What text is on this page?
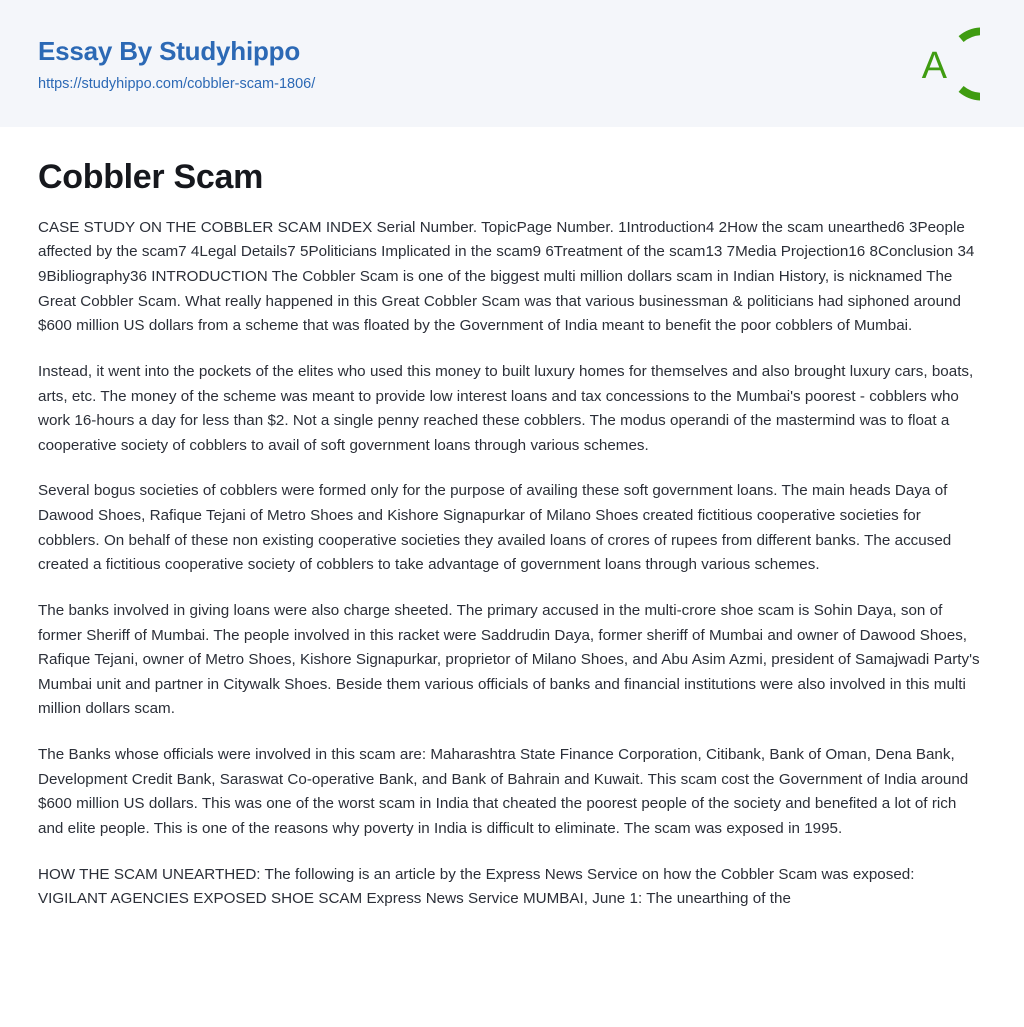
Essay By Studyhippo
https://studyhippo.com/cobbler-scam-1806/	A
Cobbler Scam

CASE STUDY ON THE COBBLER SCAM INDEX Serial Number. TopicPage Number. 1Introduction4 2How the scam unearthed6 3People affected by the scam7 4Legal Details7 5Politicians Implicated in the scam9 6Treatment of the scam13 7Media Projection16 8Conclusion 34 9Bibliography36 INTRODUCTION The Cobbler Scam is one of the biggest multi million dollars scam in Indian History, is nicknamed The Great Cobbler Scam. What really happened in this Great Cobbler Scam was that various businessman & politicians had siphoned around $600 million US dollars from a scheme that was floated by the Government of India meant to benefit the poor cobblers of Mumbai.

Instead, it went into the pockets of the elites who used this money to built luxury homes for themselves and also brought luxury cars, boats, arts, etc. The money of the scheme was meant to provide low interest loans and tax concessions to the Mumbai's poorest - cobblers who work 16-hours a day for less than $2. Not a single penny reached these cobblers. The modus operandi of the mastermind was to float a cooperative society of cobblers to avail of soft government loans through various schemes.

Several bogus societies of cobblers were formed only for the purpose of availing these soft government loans. The main heads Daya of Dawood Shoes, Rafique Tejani of Metro Shoes and Kishore Signapurkar of Milano Shoes created fictitious cooperative societies for cobblers. On behalf of these non existing cooperative societies they availed loans of crores of rupees from different banks. The accused created a fictitious cooperative society of cobblers to take advantage of government loans through various schemes.

The banks involved in giving loans were also charge sheeted. The primary accused in the multi-crore shoe scam is Sohin Daya, son of former Sheriff of Mumbai. The people involved in this racket were Saddrudin Daya, former sheriff of Mumbai and owner of Dawood Shoes, Rafique Tejani, owner of Metro Shoes, Kishore Signapurkar, proprietor of Milano Shoes, and Abu Asim Azmi, president of Samajwadi Party's Mumbai unit and partner in Citywalk Shoes. Beside them various officials of banks and financial institutions were also involved in this multi million dollars scam.

The Banks whose officials were involved in this scam are: Maharashtra State Finance Corporation, Citibank, Bank of Oman, Dena Bank, Development Credit Bank, Saraswat Co-operative Bank, and Bank of Bahrain and Kuwait. This scam cost the Government of India around $600 million US dollars. This was one of the worst scam in India that cheated the poorest people of the society and benefited a lot of rich and elite people. This is one of the reasons why poverty in India is difficult to eliminate. The scam was exposed in 1995.

HOW THE SCAM UNEARTHED: The following is an article by the Express News Service on how the Cobbler Scam was exposed: VIGILANT AGENCIES EXPOSED SHOE SCAM Express News Service MUMBAI, June 1: The unearthing of the
